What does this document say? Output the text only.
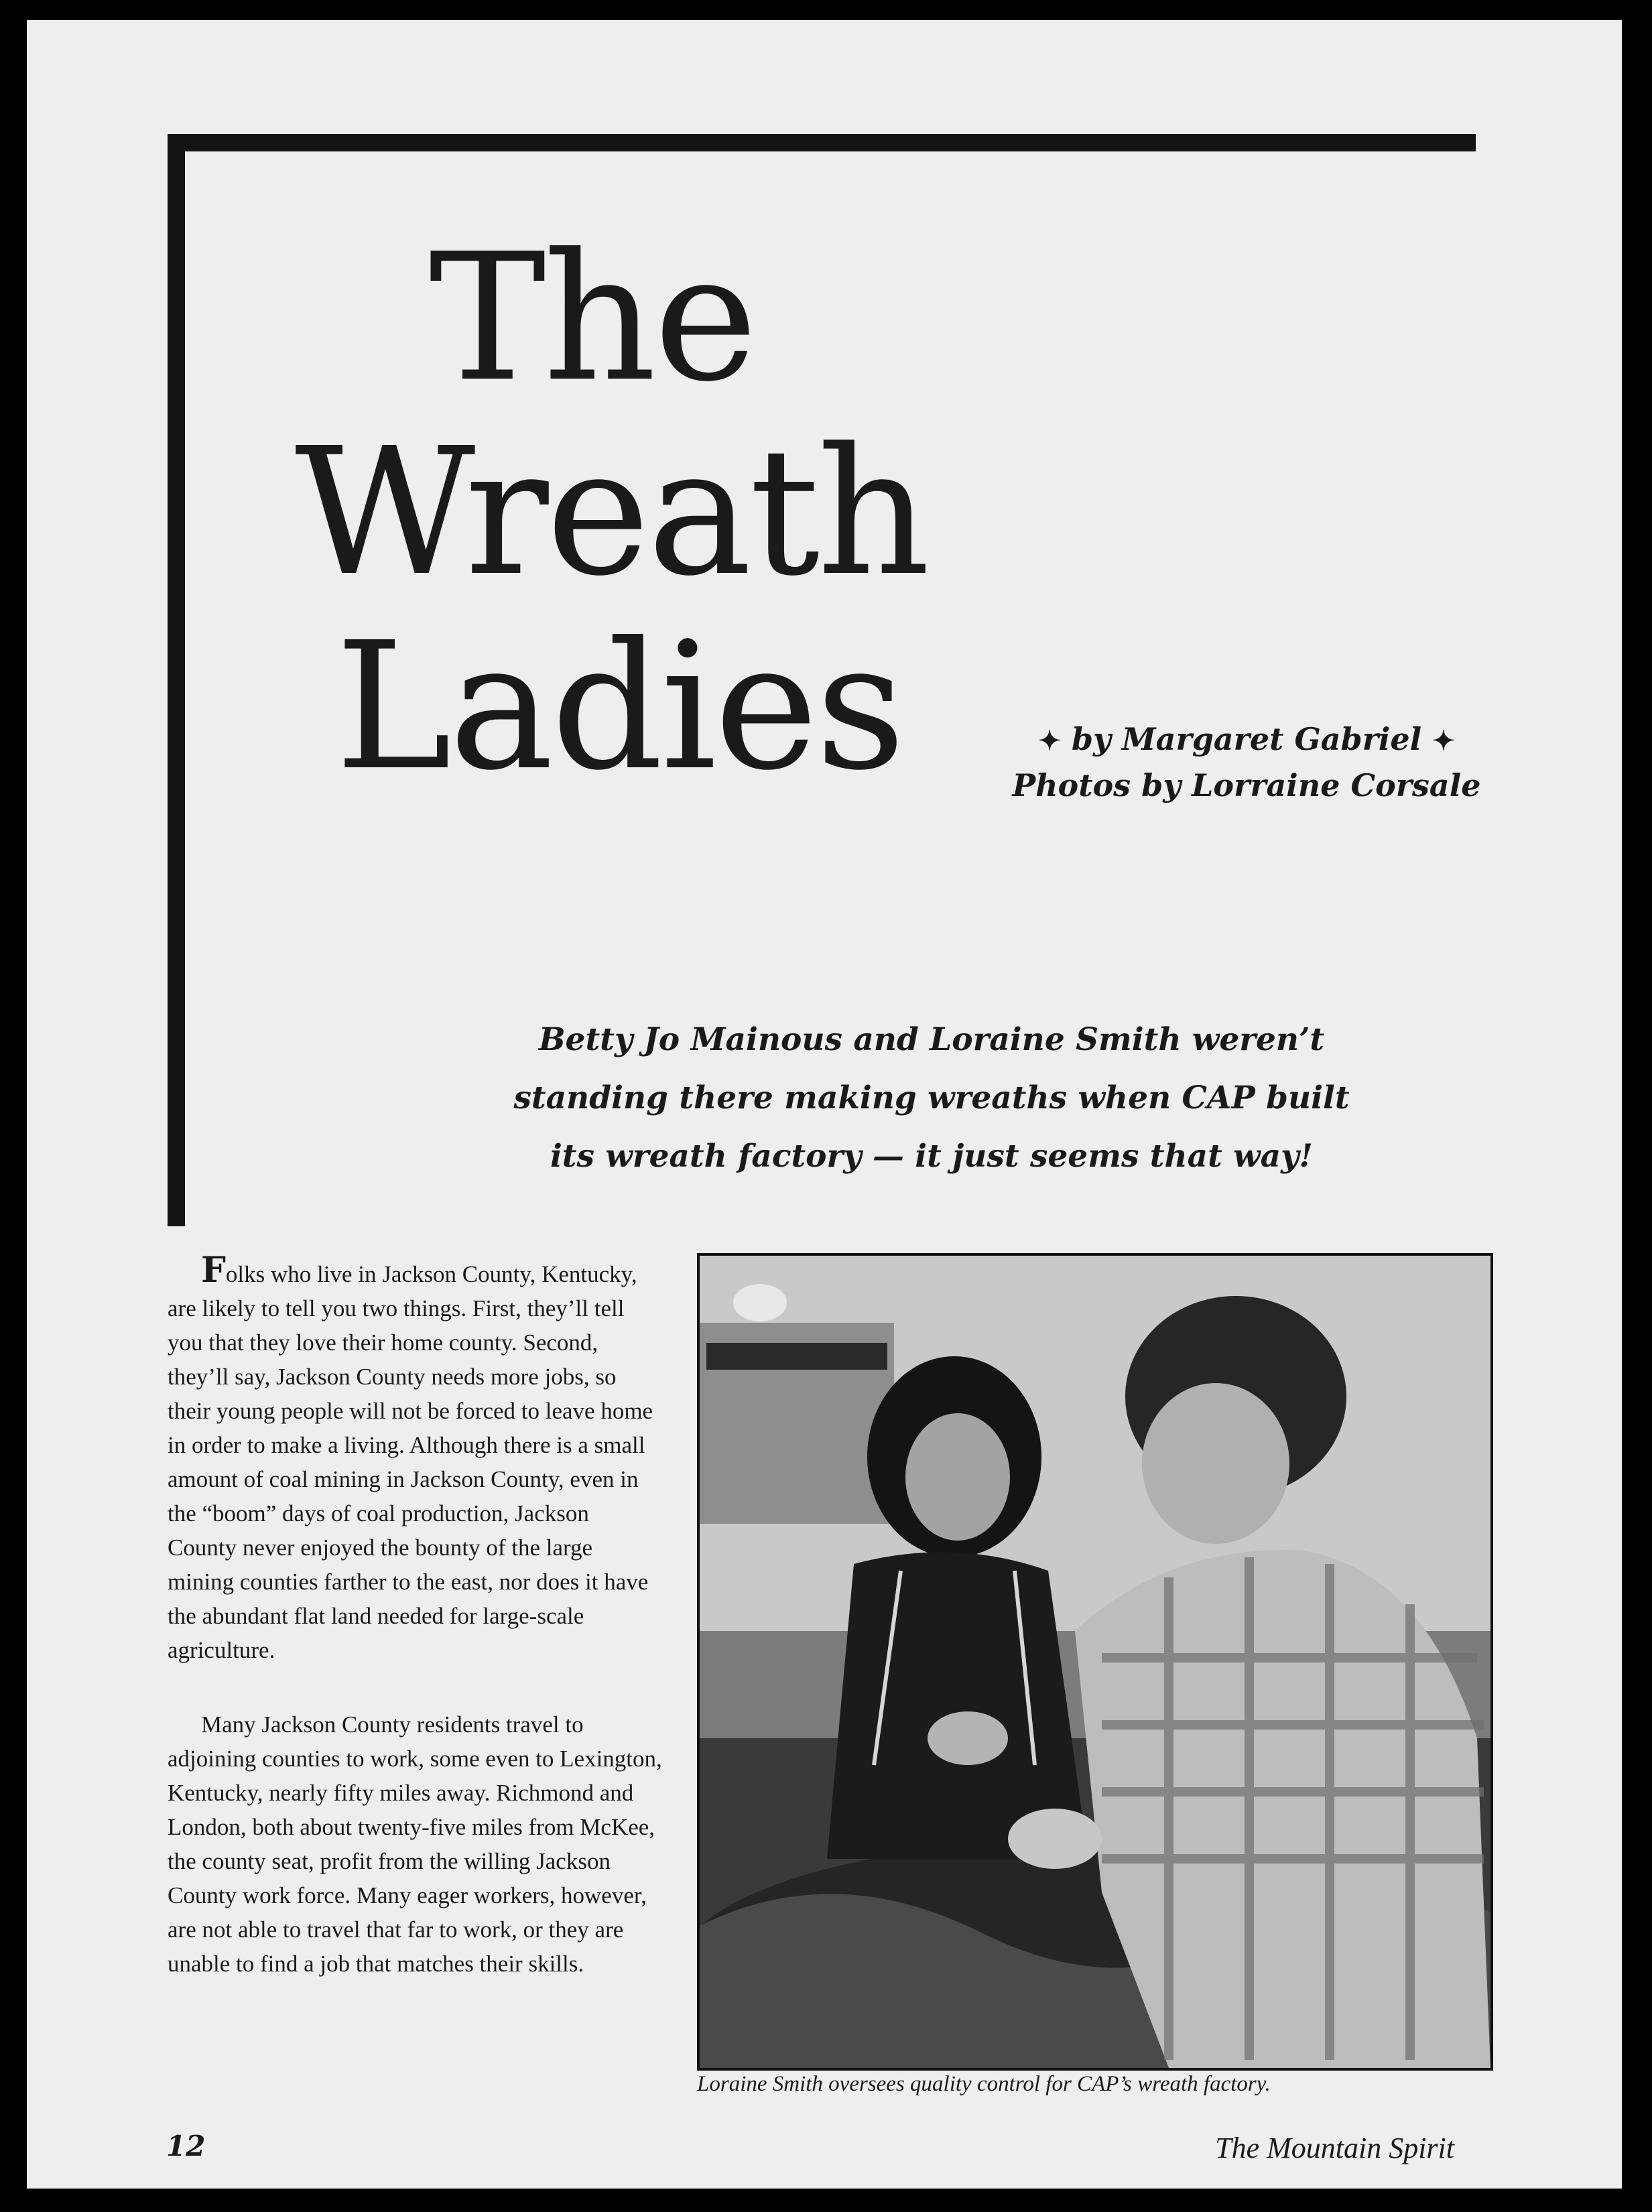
The
Wreath
Ladies	✦ by Margaret Gabriel ✦
Photos by Lorraine Corsale
Betty Jo Mainous and Loraine Smith weren’t
standing there making wreaths when CAP built
its wreath factory — it just seems that way!

Folks who live in Jackson County, Kentucky, are likely to tell you two things. First, they’ll tell you that they love their home county. Second, they’ll say, Jackson County needs more jobs, so their young people will not be forced to leave home in order to make a living. Although there is a small amount of coal mining in Jackson County, even in the “boom” days of coal production, Jackson County never enjoyed the bounty of the large mining counties farther to the east, nor does it have the abundant flat land needed for large-scale agriculture.

Many Jackson County residents travel to adjoining counties to work, some even to Lexington, Kentucky, nearly fifty miles away. Richmond and London, both about twenty-five miles from McKee, the county seat, profit from the willing Jackson County work force. Many eager workers, however, are not able to travel that far to work, or they are unable to find a job that matches their skills.

Loraine Smith oversees quality control for CAP’s wreath factory.
12	The Mountain Spirit
